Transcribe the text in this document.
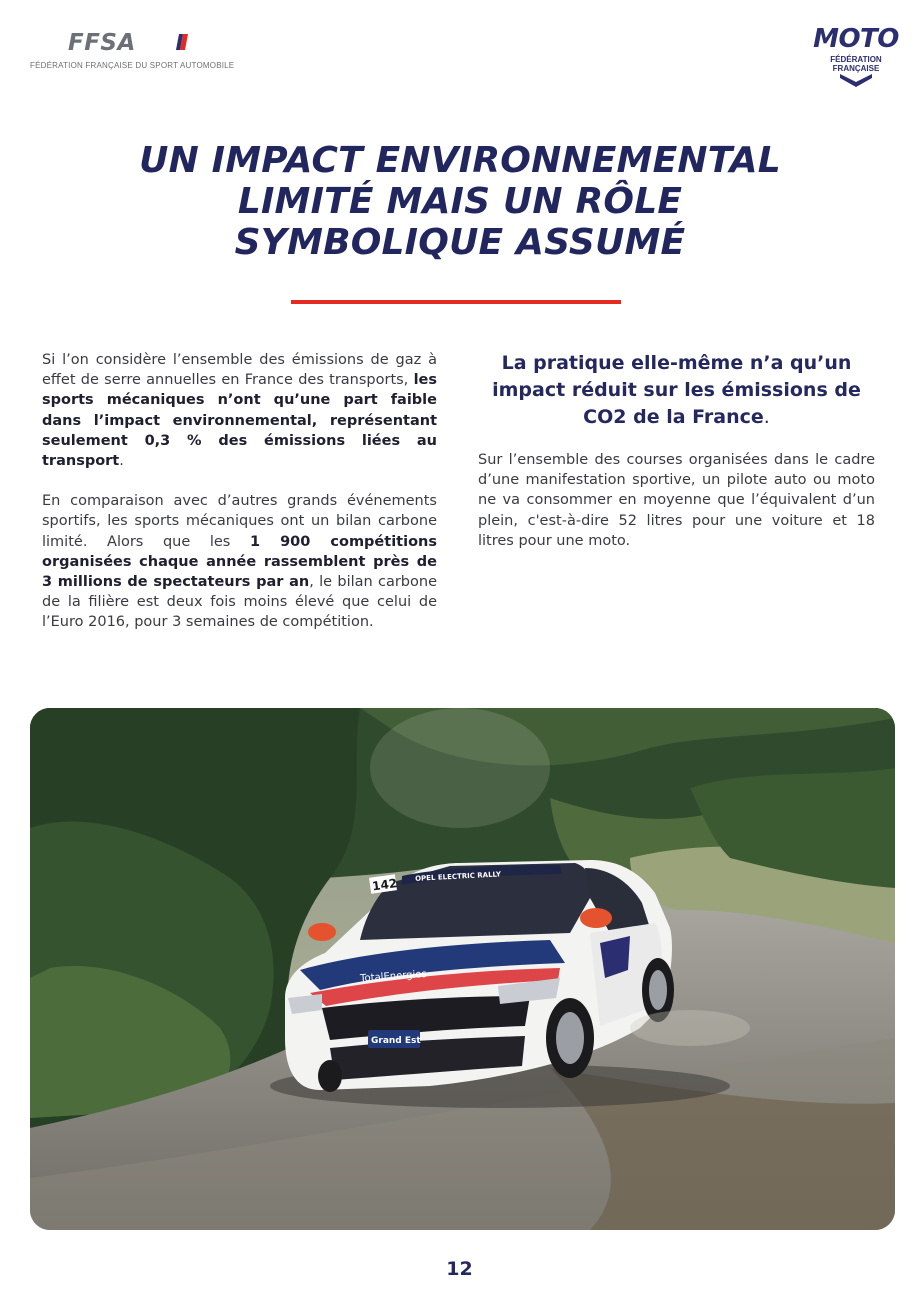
FFSA
FÉDÉRATION FRANÇAISE DU SPORT AUTOMOBILE
MOTO
FÉDÉRATION
FRANÇAISE
UN IMPACT ENVIRONNEMENTAL
LIMITÉ MAIS UN RÔLE
SYMBOLIQUE ASSUMÉ

Si l’on considère l’ensemble des émissions de gaz à effet de serre annuelles en France des transports, les sports mécaniques n’ont qu’une part faible dans l’impact environnemental, représentant seulement 0,3 % des émissions liées au transport.

En comparaison avec d’autres grands événements sportifs, les sports mécaniques ont un bilan carbone limité. Alors que les 1 900 compétitions organisées chaque année rassemblent près de 3 millions de spectateurs par an, le bilan carbone de la filière est deux fois moins élevé que celui de l’Euro 2016, pour 3 semaines de compétition.

La pratique elle-même n’a qu’un impact réduit sur les émissions de CO2 de la France.

Sur l’ensemble des courses organisées dans le cadre d’une manifestation sportive, un pilote auto ou moto ne va consommer en moyenne que l’équivalent d’un plein, c'est-à-dire 52 litres pour une voiture et 18 litres pour une moto.

142 OPEL ELECTRIC RALLY
TotalEnergies
Grand Est
12
